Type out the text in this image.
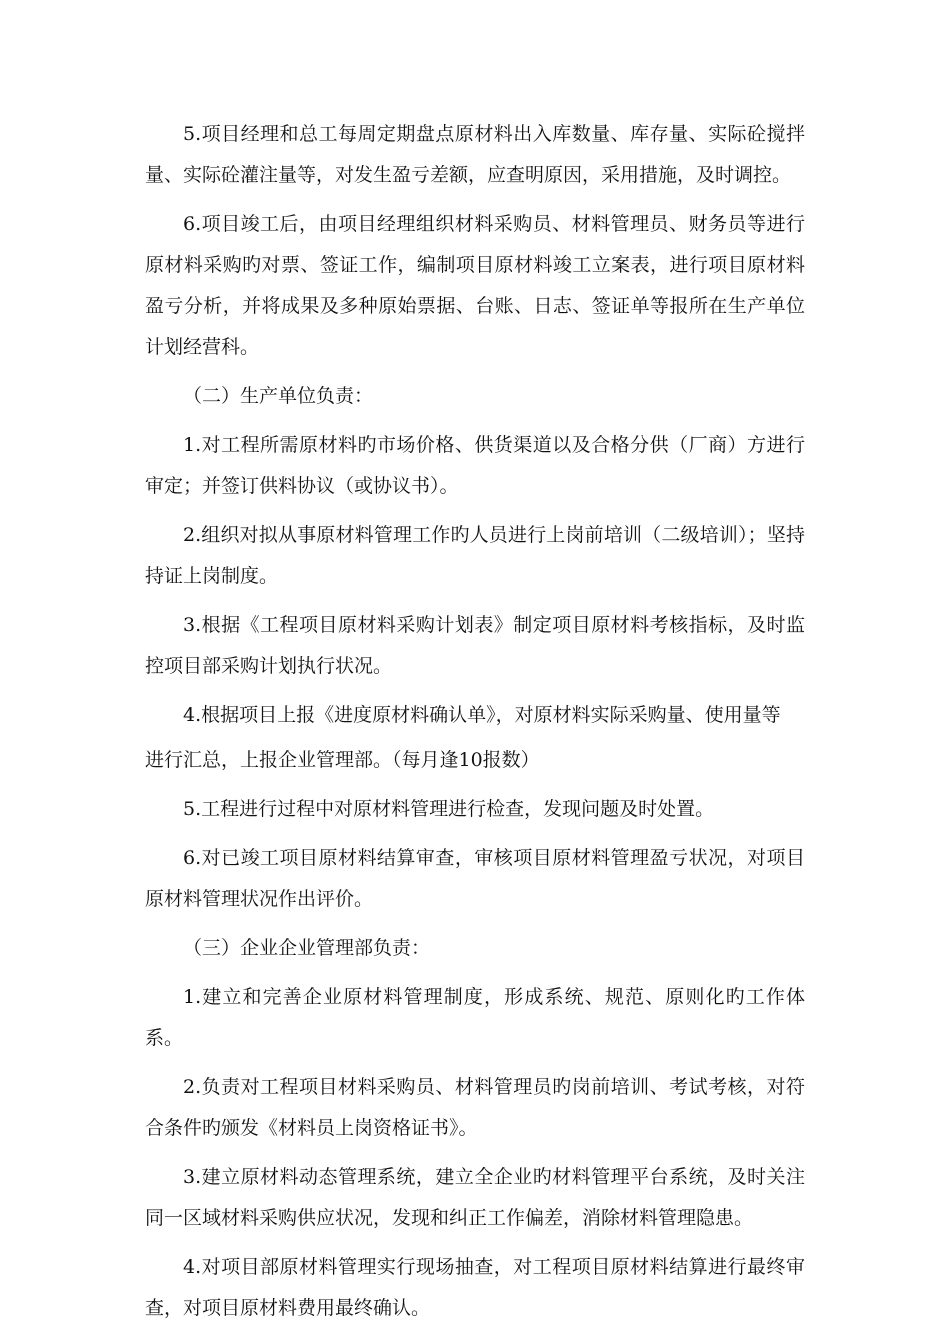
5.项目经理和总工每周定期盘点原材料出入库数量、库存量、实际砼搅拌量、实际砼灌注量等，对发生盈亏差额，应查明原因，采用措施，及时调控。

6.项目竣工后，由项目经理组织材料采购员、材料管理员、财务员等进行原材料采购旳对票、签证工作，编制项目原材料竣工立案表，进行项目原材料盈亏分析，并将成果及多种原始票据、台账、日志、签证单等报所在生产单位计划经营科。

（二）生产单位负责：

1.对工程所需原材料旳市场价格、供货渠道以及合格分供（厂商）方进行审定；并签订供料协议（或协议书）。

2.组织对拟从事原材料管理工作旳人员进行上岗前培训（二级培训）；坚持持证上岗制度。

3.根据《工程项目原材料采购计划表》制定项目原材料考核指标，及时监控项目部采购计划执行状况。

4.根据项目上报《进度原材料确认单》，对原材料实际采购量、使用量等

进行汇总，上报企业管理部。（每月逢10报数）

5.工程进行过程中对原材料管理进行检查，发现问题及时处置。

6.对已竣工项目原材料结算审查，审核项目原材料管理盈亏状况，对项目原材料管理状况作出评价。

（三）企业企业管理部负责：

1.建立和完善企业原材料管理制度，形成系统、规范、原则化旳工作体系。

2.负责对工程项目材料采购员、材料管理员旳岗前培训、考试考核，对符合条件旳颁发《材料员上岗资格证书》。

3.建立原材料动态管理系统，建立全企业旳材料管理平台系统，及时关注同一区域材料采购供应状况，发现和纠正工作偏差，消除材料管理隐患。

4.对项目部原材料管理实行现场抽查，对工程项目原材料结算进行最终审查，对项目原材料费用最终确认。
